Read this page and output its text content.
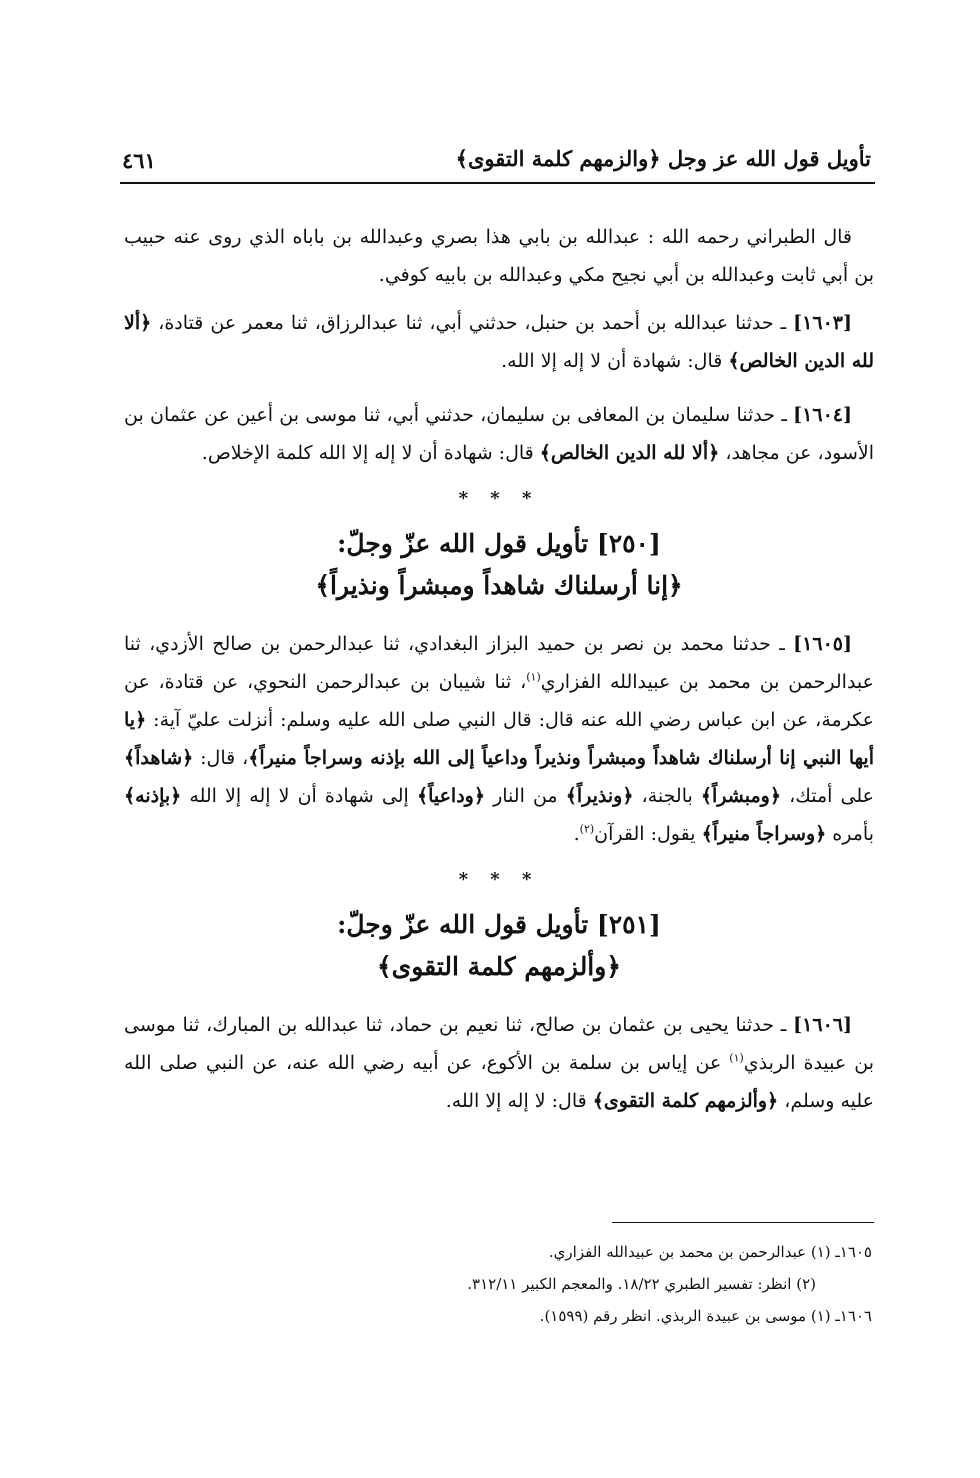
تأويل قول الله عز وجل ﴿والزمهم كلمة التقوى﴾
٤٦١

قال الطبراني رحمه الله : عبدالله بن بابي هذا بصري وعبدالله بن باباه الذي روى عنه حبيب بن أبي ثابت وعبدالله بن أبي نجيح مكي وعبدالله بن بابيه كوفي.

[١٦٠٣] ـ حدثنا عبدالله بن أحمد بن حنبل، حدثني أبي، ثنا عبدالرزاق، ثنا معمر عن قتادة، ﴿ألا لله الدين الخالص﴾ قال: شهادة أن لا إله إلا الله.

[١٦٠٤] ـ حدثنا سليمان بن المعافى بن سليمان، حدثني أبي، ثنا موسى بن أعين عن عثمان بن الأسود، عن مجاهد، ﴿ألا لله الدين الخالص﴾ قال: شهادة أن لا إله إلا الله كلمة الإخلاص.

* * *
[٢٥٠] تأويل قول الله عزّ وجلّ:
﴿إنا أرسلناك شاهداً ومبشراً ونذيراً﴾

[١٦٠٥] ـ حدثنا محمد بن نصر بن حميد البزاز البغدادي، ثنا عبدالرحمن بن صالح الأزدي، ثنا عبدالرحمن بن محمد بن عبيدالله الفزاري$^{(١)}$، ثنا شيبان بن عبدالرحمن النحوي، عن قتادة، عن عكرمة، عن ابن عباس رضي الله عنه قال: قال النبي صلى الله عليه وسلم: أنزلت عليّ آية: ﴿يا أيها النبي إنا أرسلناك شاهداً ومبشراً ونذيراً وداعياً إلى الله بإذنه وسراجاً منيراً﴾، قال: ﴿شاهداً﴾ على أمتك، ﴿ومبشراً﴾ بالجنة، ﴿ونذيراً﴾ من النار ﴿وداعياً﴾ إلى شهادة أن لا إله إلا الله ﴿بإذنه﴾ بأمره ﴿وسراجاً منيراً﴾ يقول: القرآن$^{(٢)}$.

* * *
[٢٥١] تأويل قول الله عزّ وجلّ:
﴿وألزمهم كلمة التقوى﴾

[١٦٠٦] ـ حدثنا يحيى بن عثمان بن صالح، ثنا نعيم بن حماد، ثنا عبدالله بن المبارك، ثنا موسى بن عبيدة الربذي$^{(١)}$ عن إياس بن سلمة بن الأكوع، عن أبيه رضي الله عنه، عن النبي صلى الله عليه وسلم، ﴿وألزمهم كلمة التقوى﴾ قال: لا إله إلا الله.

١٦٠٥ـ (١) عبدالرحمن بن محمد بن عبيدالله الفزاري.
(٢) انظر: تفسير الطبري ١٨/٢٢. والمعجم الكبير ٣١٢/١١.
١٦٠٦ـ (١) موسى بن عبيدة الربذي. انظر رقم (١٥٩٩).
